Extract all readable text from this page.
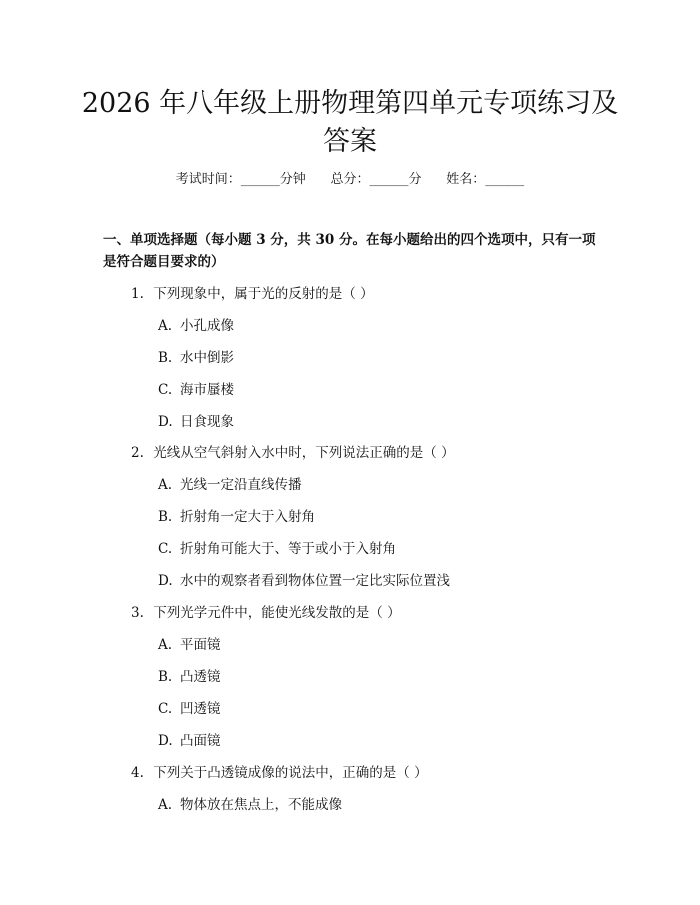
2026 年八年级上册物理第四单元专项练习及
答案
考试时间：______分钟      总分：______分      姓名：______
一、单项选择题（每小题 3 分，共 30 分。在每小题给出的四个选项中，只有一项
是符合题目要求的）
1. 下列现象中，属于光的反射的是（ ）
A. 小孔成像
B. 水中倒影
C. 海市蜃楼
D. 日食现象
2. 光线从空气斜射入水中时，下列说法正确的是（ ）
A. 光线一定沿直线传播
B. 折射角一定大于入射角
C. 折射角可能大于、等于或小于入射角
D. 水中的观察者看到物体位置一定比实际位置浅
3. 下列光学元件中，能使光线发散的是（ ）
A. 平面镜
B. 凸透镜
C. 凹透镜
D. 凸面镜
4. 下列关于凸透镜成像的说法中，正确的是（ ）
A. 物体放在焦点上，不能成像
